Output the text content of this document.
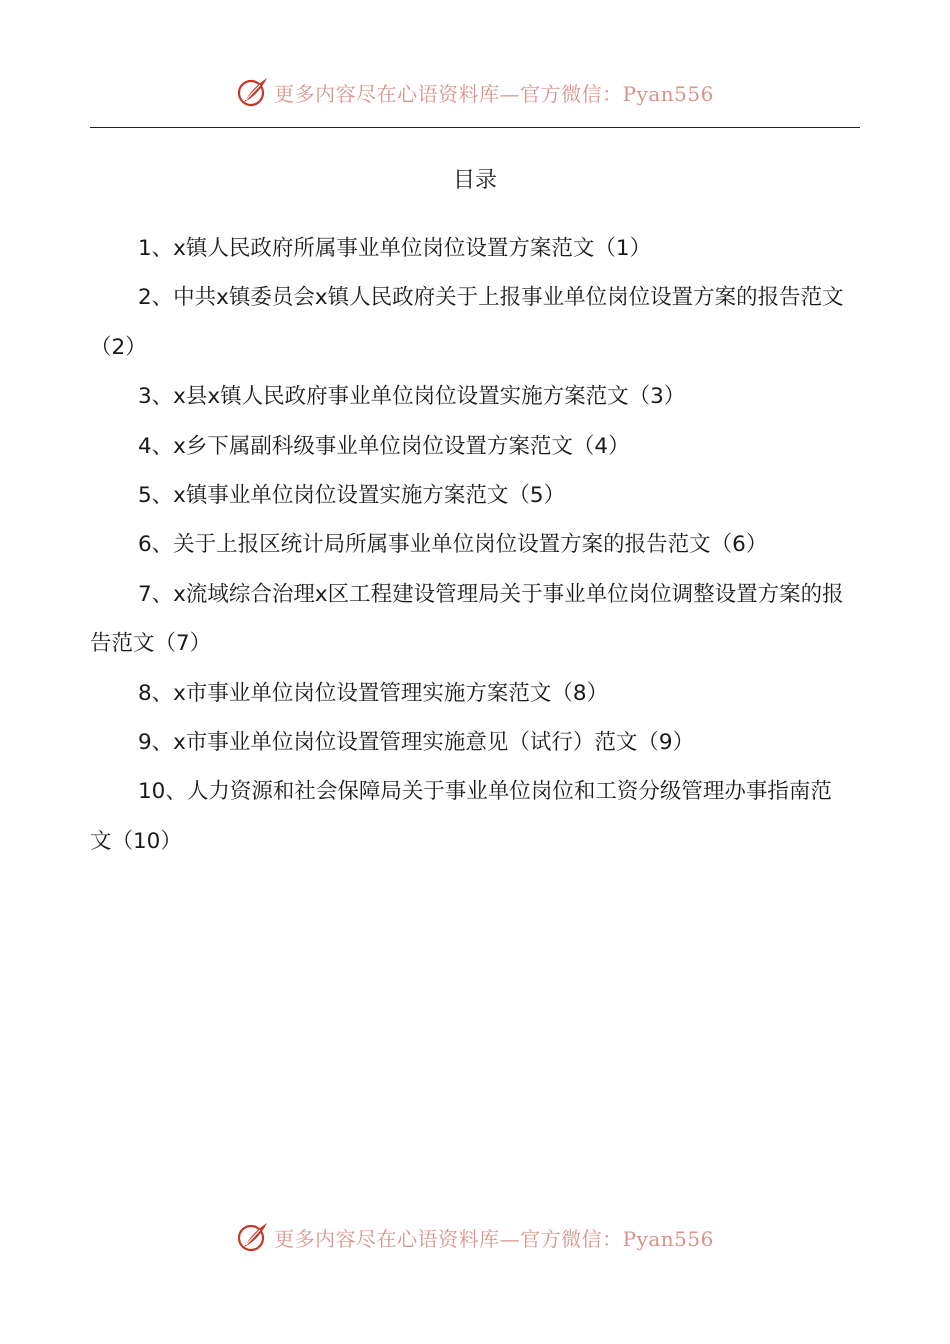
更多内容尽在心语资料库—官方微信：Pyan556
目录
1、x镇人民政府所属事业单位岗位设置方案范文（1）
2、中共x镇委员会x镇人民政府关于上报事业单位岗位设置方案的报告范文（2）
3、x县x镇人民政府事业单位岗位设置实施方案范文（3）
4、x乡下属副科级事业单位岗位设置方案范文（4）
5、x镇事业单位岗位设置实施方案范文（5）
6、关于上报区统计局所属事业单位岗位设置方案的报告范文（6）
7、x流域综合治理x区工程建设管理局关于事业单位岗位调整设置方案的报告范文（7）
8、x市事业单位岗位设置管理实施方案范文（8）
9、x市事业单位岗位设置管理实施意见（试行）范文（9）
10、人力资源和社会保障局关于事业单位岗位和工资分级管理办事指南范文（10）
更多内容尽在心语资料库—官方微信：Pyan556
